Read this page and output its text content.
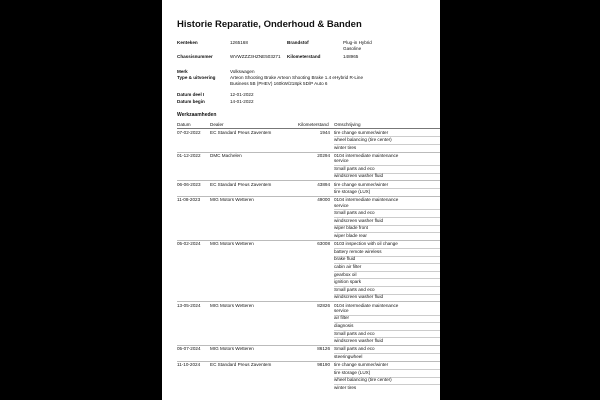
Historie Reparatie, Onderhoud & Banden
Kenteken	1265168	Brandstof	Plug-in Hybrid
Gasoline
Chassisnummer	WVWZZZ3HZNE503271 Kilometerstand	148965
Merk	Volkswagen
Type & uitvoering	Arteon Shooting Brake Arteon Shooting Brake 1.4 eHybrid R-Line
Business 5B (PHEV) 160kW/218pk 5D/P Auto 6
Datum deel I	12-01-2022
Datum begin	14-01-2022
Werkzaamheden
Datum	Dealer	Kilometerstand Omschrijving
07-02-2022 EC Standard Preus Zaventem	1944 tire change summer/winter
wheel balancing (tire center)
winter tires
01-12-2022 DMC Machelen	20294 0104 intermediate maintenance
service
Small parts and eco
windscreen washer fluid
06-06-2023 EC Standard Preus Zaventem	43894 tire change summer/winter
tire storage (LUX)
11-08-2023 MIG Motors Wetteren	49000 0104 intermediate maintenance
service
Small parts and eco
windscreen washer fluid
wiper blade front
wiper blade rear
05-02-2024 MIG Motors Wetteren	63008 0103 inspection with oil change
battery remote wireless
brake fluid
cabin air filter
gearbox oil
ignition spark
Small parts and eco
windscreen washer fluid
13-05-2024 MIG Motors Wetteren	82826 0104 intermediate maintenance
service
air filter
diagnosis
Small parts and eco
windscreen washer fluid
05-07-2024 MIG Motors Wetteren	86126 Small parts and eco
steeringwheel
11-10-2024 EC Standard Preus Zaventem	98190 tire change summer/winter
tire storage (LUX)
wheel balancing (tire center)
winter tires
